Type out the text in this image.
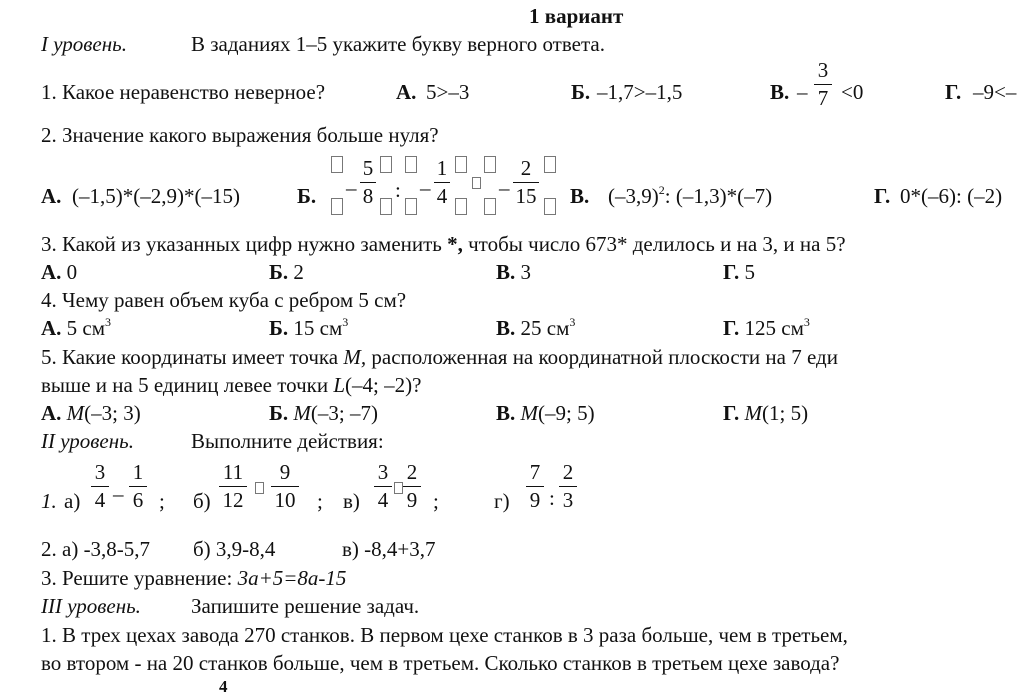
1 вариант
I уровень.	В заданиях 1–5 укажите букву верного ответа.
1. Какое неравенство неверное?	А. 5>–3	Б. –1,7>–1,5	В. – $\frac{3}{7} <0$	Г. –9<–
2. Значение какого выражения больше нуля?
А. (–1,5)*(–2,9)*(–15)	Б. – $\frac{5}{8}$ : – $\frac{1}{4} - \frac{2}{15} В$. $(-3,9)^2$: (–1,3)*(–7)	Г. 0*(–6): (–2)
3. Какой из указанных цифр нужно заменить *, чтобы число 673* делилось и на 3, и на 5?
А. 0	Б. 2	В. 3	Г. 5
4. Чему равен объем куба с ребром 5 см?
А. 5 $см^3$	Б. 15 $см^3$	В. 25 $см^3$	Г. 125 $см^3$
5. Какие координаты имеет точка М, расположенная на координатной плоскости на 7 еди
выше и на 5 единиц левее точки L(–4; –2)?
А. М(–3; 3)	Б. М(–3; –7)	В. М(–9; 5)	Г. М(1; 5)
II уровень.	Выполните действия:
1. $а) \frac{3}{4} - \frac{1}{6}$ ; $б) \frac{11}{12} \frac{9}{10}$ ; $в) \frac{3}{4} \frac{2}{9}$ ;	$г) \frac{7}{9}$ : $\frac{2}{3}$
2. а) -3,8-5,7 б) 3,9-8,4	в) -8,4+3,7
3. Решите уравнение: 3а+5=8а-15
III уровень. Запишите решение задач.
1. В трех цехах завода 270 станков. В первом цехе станков в 3 раза больше, чем в третьем,
во втором - на 20 станков больше, чем в третьем. Сколько станков в третьем цехе завода?
4
